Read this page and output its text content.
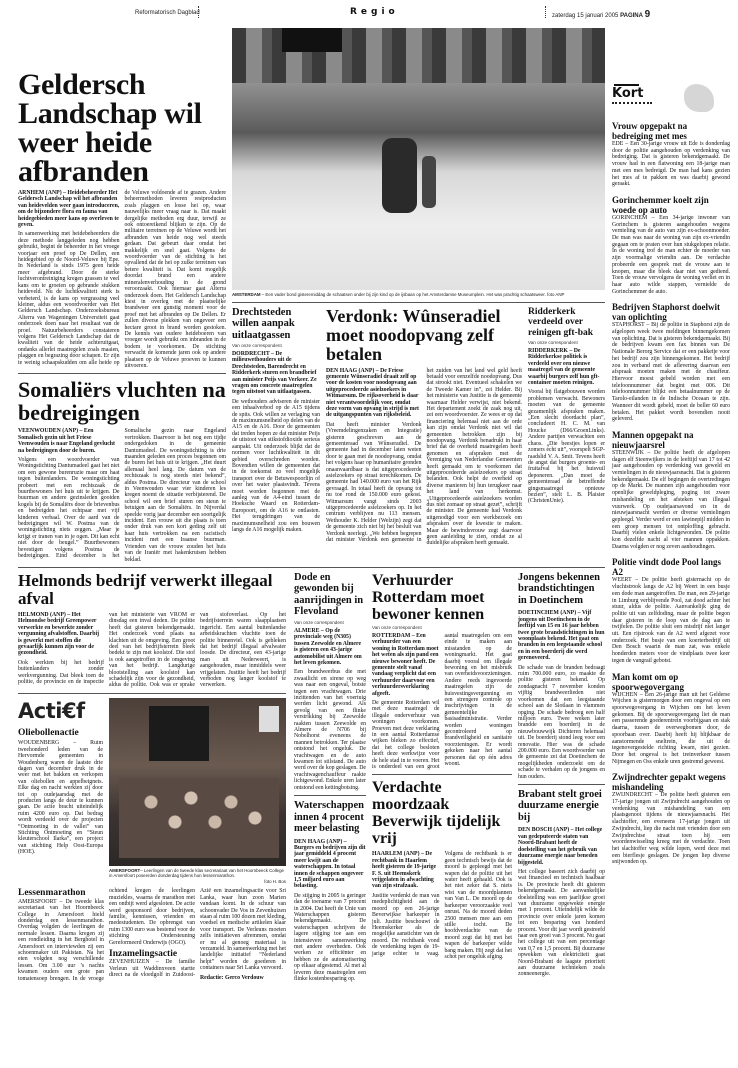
Reformatorisch Dagblad	Regio	zaterdag 15 januari 2005 PAGINA 9
Geldersch Landschap wil weer heide afbranden
ARNHEM (ANP) – Heidebeheerder Het Geldersch Landschap wil het afbranden van heidevelden weer gaan introduceren, om de bijzondere flora en fauna van heidegebieden meer kans op overleven te geven.
In samenwerking met heidebeheerders die deze methode langgeleden nog hebben gebruikt, begint de beheerder in het vroege voorjaar een proef op De Dellen, een heidegebied op de Noord-Veluwe bij Epe. In Nederland is sinds 1975 geen heide meer afgebrand. Door de sterke luchtverontreiniging kregen grassen te veel kans om te groeien op gebrande stukken heideveld. Nu de luchtkwaliteit sterk is verbeterd, is de kans op vergrassing veel kleiner, aldus een woordvoerder van Het Geldersch Landschap. Onderzoeksbureau Alterra van Wageningen Universiteit gaat onderzoek doen naar het resultaat van de proef. Natuurbeheerders constateren volgens Het Geldersch Landschap dat de kwaliteit van de heide achteruitgaat, ondanks allerlei maatregelen zoals maaien, plaggen en begrazing door schapen. Er zijn te weinig schaapskudden om alle heide op de Veluwe voldoende af te grazen. Andere beheermethoden leveren restproducten zoals plaggen en losse hei op, waar nauwelijks meer vraag naar is. Dat maakt dergelijke methoden erg duur, terwijl ze ook ontoereikend blijken te zijn. Op de militaire terreinen op de Veluwe wordt het afbranden van heide nog wel steeds gedaan. Dat gebeurt daar omdat het makkelijk en snel gaat. Volgens de woordvoerder van de stichting is het opvallend dat de hei op zulke terreinen van betere kwaliteit is. Dat komt mogelijk doordat brand een andere mineralenverhouding in de grond veroorzaakt. Ook hiernaar gaat Alterra onderzoek doen. Het Geldersch Landschap kiest in overleg met de plaatselijke brandweer een gunstig moment voor de proef met het afbranden op De Dellen. Er zullen diverse plekken van ongeveer een hectare groot in brand worden gestoken. De kennis van oudere heideboeren van vroeger wordt gebruikt om inbranden in de bodem te voorkomen. De stichting verwacht de komende jaren ook op andere plaatsen op de Veluwe proeven te kunnen uitvoeren.
Somaliërs vluchten na bedreigingen
VEENWOUDEN (ANP) – Een Somalisch gezin uit het Friese Veenwouden is naar Engeland gevlucht na bedreigingen door de buren.
Volgens een woordvoerder van Woningstichting Dantumadeel gaat het niet om een gewone burenruzie maar om haat tegen buitenlanders. De woningstichting probeert met een rechtszaak de buurtbewoners het huis uit te krijgen. De buurman en andere gezinsleden gooiden kogels bij de Somaliërs door de brievenbus en bedreigden het echtpaar met vijf kinderen verbaal. Over de aard van de bedreigingen wil W. Postma van de woningstichting niets zeggen. „Maar je krijgt er tranen van in je ogen. Dit kan echt niet door de beugel.” Buurtbewoners bevestigen volgens Postma de bedreigingen. Eind december is het Somalische gezin naar Engeland vertrokken. Daarvoor is het nog een tijdje ondergedoken in de gemeente Dantumadeel. De woningstichting is drie maanden geleden een proces begonnen om de buren het huis uit te krijgen. „Het duurt allemaal heel lang. De datum van de rechtszaak is nog steeds niet bekend”, aldus Postma. De directeur van de school in Veenwouden waar vier kinderen les kregen noemt de situatie verbijsterend. De school wil een brief sturen om steun te betuigen aan de Somaliërs. In Nijverdal speelde vorig jaar december een soortgelijk incident. Een vrouw uit die plaats is toen onder druk van een kort geding zelf uit haar huis vertrokken na een racistisch incident met een Iraanse buurman. Vrienden van de vrouw zouden het huis van de Iraniër met hakenkruisen hebben beklad.
AMSTERDAM – Een vader bond gisteremiddag de schaatsen onder bij zijn kind op de ijsbaan op het Amsterdamse Museumplein. Het was prachtig schaatsweer. foto ANP
Drechtsteden willen aanpak uitlaatgassen
Van onze correspondent
DORDRECHT – De milieuwethouders uit de Drechtsteden, Barendrecht en Ridderkerk sturen een brandbrief aan minister Peijs van Verkeer. Ze vragen om concrete maatregelen tegen uitstoot van uitlaatgassen.
De wethouders adviseren de minister een inhaalverbod op de A15 tijdens de spits. Ook willen ze verlaging van de maximumsnelheid op delen van de A15 en de A16. Door de gemeenten dat treden hopen ze dat minister Peijs de uitstoot van stikstofdioxide serieus aanpakt. Uit onderzoek blijkt dat de normen voor luchtkwaliteit in dit gebied overschreden worden. Bovendien willen de gemeenten dat in de toekomst zo veel mogelijk transport over de Betuwespoorlijn of over het water plaatsvindt. Tevens moet worden begonnen met de aanleg van de A4-eind tussen de Hoeksche Waard en Rotterdam-Europoort, om de A16 te ontlasten. Het terugdringen van de maximumsnelheid zou een bouwen langs de A16 mogelijk maken.
Verdonk: Wûnseradiel moet noodopvang zelf betalen
DEN HAAG (ANP) – De Friese gemeente Wûnseradiel draait zelf op voor de kosten voor noodopvang aan uitgeprocedeerde asielzoekers in Witmarsum. De rijksoverheid is daar niet verantwoordelijk voor, omdat deze vorm van opvang in strijd is met de uitgangspunten van rijksbeleid.
Dat heeft minister Verdonk (Vreemdelingenzaken en Integratie) gisteren geschreven aan de gemeenteraad van Wûnseradiel. De gemeente had in december laten weten door te gaan met de noodopvang, omdat het volgens haar op humanitaire gronden onaanvaardbaar is dat uitgeprocedeerde asielzoekers op straat terechtkomen. De gemeente had 140.000 euro van het Rijk gevraagd. In totaal heeft de opvang tot nu toe rond de 150.000 euro gekost. Witmarsum vangt sinds 2003 uitgeprocedeerde asielzoekers op. In het centrum verblijven nu 113 mensen. Wethouder K. Helder (Welzijn) zegt dat de gemeente zich niet bij het besluit van Verdonk neerlegt. „We hebben begrepen dat minister Verdonk een gemeente in het zuiden van het land wel geld heeft betaald voor eenzelfde noodopvang. Dus dat strookt niet. Eventueel schakelen we de Tweede Kamer in”, zei Helder. Bij het ministerie van Justitie is de gemeente waarnaar Helder verwijst, niet bekend. Het departement zoekt de zaak nog uit, zei een woordvoerster. Ze wees er op dat financiering helemaal niet aan de orde kan zijn omdat Verdonk niet wil dat gemeenten betrokken zijn bij noodopvang. Verdonk benadrukt in haar brief dat de overheid maatregelen heeft genomen en afspraken met de Vereniging van Nederlandse Gemeenten heeft gemaakt om te voorkomen dat uitgeprocedeerde asielzoekers op straat belanden. Ook helpt de overheid op diverse manieren bij hun terugkeer naar het land van herkomst. „Uitgeprocedeerde asielzoekers worden dus niet zomaar op straat gezet”, schrijft de minister. De gemeente had Verdonk uitgenodigd voor een werkbezoek om afspraken over de kwestie te maken. Maar de bewindsvrouw zegt daarvoor geen aanleiding te zien, omdat ze al duidelijke afspraken heeft gemaakt.
Ridderkerk verdeeld over reinigen gft-bak
Van onze correspondent
RIDDERKERK – De Ridderkerkse politiek is verdeeld over een nieuwe maatregel van de gemeente waarbij burgers zelf hun gft-container moeten reinigen.
Vooral bij flatgebouwen worden problemen verwacht. Bewoners moeten van de gemeente gezamenlijk afspraken maken. „Een slecht doordacht plan”, concludeert H. C. M. van Houcke (D66/GroenLinks). Andere partijen verwachten een chaos. „Die beestjes lopen er zomers écht uit”, voorspelt SGP-raadslid V. A. Smit. Tevens heeft de angst dat burgers groente- en fruitafval bij het huisvuil deponeren. „Dan moet de gemeenteraad de betreffende gingsmaatregel opnieuw bezien”, stelt L. B. Plaisier (ChristenUnie).
Helmonds bedrijf verwerkt illegaal afval
HELMOND (ANP) – Het Helmondse bedrijf Greenpower verwerkte en bewerkte zonder vergunning afvalstoffen. Daarbij is gewerkt met stoffen die gevaarlijk kunnen zijn voor de gezondheid.
Ook werkten bij het bedrijf buitenlanders zonder werkvergunning. Dat bleek toen de politie, de provincie en de inspectie van het ministerie van VROM er dinsdag een inval deden. De politie heeft dat gisteren bekendgemaakt. Het onderzoek vond plaats na klachten uit de omgeving. Een groot deel van het bedrijfsterrein bleek bedekt te zijn met koolstof. Die stof is ook aangetroffen in de omgeving van het bedrijf. Langdurige blootstelling aan koolstof kan schadelijk zijn voor de gezondheid, aldus de politie. Ook was er sprake van stofoverlast. Op het bedrijfsterrein waren slaapplaatsen ingericht. Een aantal buitenlandse arbeidskrachten vluchtte toen de politie binnenviel. Ook is gebleken dat het bedrijf illegaal afvalwater loosde. De directeur, een 43-jarige man uit Nederweert, is aangehouden, maar inmiddels weer vrijgelaten. Justitie heeft het bedrijf verboden nog langer koolstof te verwerken.
Acti€f
Oliebollenactie
WOUDENBERG – Ruim tweehonderd leden van de Hervormde gemeenten in Woudenberg waren de laatste drie dagen van december druk in de weer met het bakken en verkopen van oliebollen en appelbeignets. Elke dag en nacht werkten zij door tot op oudejaarsdag met de producten langs de deur te kunnen gaan. De actie bracht uiteindelijk ruim 4200 euro op. Dat bedrag wordt verdeeld over de projecten “Ontmoeting in de vallei” van Stichting Ontmoeting en “Steun kleuterschool Ilarka”, een project van stichting Help Oost-Europa (HOE).
AMERSFOORT– Leerlingen van de tweede klas secretariaat van het Hoornbeeck College in Amersfoort poseerden donderdag tijdens hun lessenmarathon.
foto H. Bos
Lessenmarathon
AMERSFOORT – De tweede klas secretariaat van het Hoornbeeck College in Amersfoort hield donderdag een lessenmarathon. Overdag volgden de leerlingen de normale lessen. Daarna kregen zij een rondleiding in het Berghotel in Amersfoort en interviewden zij een schoenmaker uit Pakistan. Na het eten volgden nog verschillende lessen. Om 3.00 uur ’s nachts kwamen ouders een grote pan tomatensoep brengen. In de vroege ochtend kregen de leerlingen muziekles, waarna de marathon met een ontbijt werd afgesloten. De actie werd gesponsord door bedrijven, familie, kennissen, vrienden en medestudenten. De opbrengst van ruim 1300 euro was bestemd voor de stichting Ondersteuning Gereformeerd Onderwijs (OGO).
Inzamelingsactie
ZEVENHUIZEN – De familie Verleun uit Waddinxveen startte direct na de vloedgolf in Zuidoost-Azië een inzamelingsactie voor Sri Lanka, waar hun zoon Marien vandaan komt. In de schuur van schoonvader De Vos in Zevenhuizen staan al ruim 100 dozen met kleding, voedsel en medische artikelen klaar voor transport. De Verleuns moeten zelfs initiatieven afremmen, omdat er nu al genoeg materiaal is verzameld. In samenwerking met het landelijke initiatief “Nederland helpt” worden de goederen in containers naar Sri Lanka vervoerd.
Redactie: Gerco Verdouw
Dode en gewonden bij aanrijdingen in Flevoland
Van onze correspondent
ALMERE – Op de provinciale weg (N305) tussen Zeewolde en Almere is gisteren een 43-jarige automobilist uit Almere om het leven gekomen.
Een brandweerbus die met zwaailicht en sirene op weg was naar een ongeval, botste tegen een vrachtwagen. Drie inzittenden van het voertuig werden licht gewond. Als gevolg van een flinke verstrikking bij Zeewolde raakten tussen Zeewolde en Almere de N706 bij Nobelhorst eveneens de mannen betrokken. Ter plaatse ontstond het ongeluk. De vrachtwagen en de auto kwamen tot stilstand. De auto werd over de kop geslagen. De vrachtwagenchauffeur raakte lichtgewond. Enkele uren later ontstond een kettingbotsing.
Waterschappen innen 4 procent meer belasting
DEN HAAG (ANP) – Burgers en bedrijven zijn dit jaar gemiddeld 4 procent meer kwijt aan de waterschappen. In totaal innen de schappen ongeveer 1,5 miljard euro aan belasting.
De stijging in 2005 is geringer dan de toename van 7 procent in 2004. Dat heeft de Unie van Waterschappen gisteren bekendgemaakt. De waterschappen schrijven de lagere stijging toe aan een intensievere samenwerking met andere overheden. Ook werken ze efficiënter en hebben ze de automatisering op elkaar afgestemd. Al met al leveren deze maatregelen een flinke kostenbesparing op.
Verhuurder Rotterdam moet bewoner kennen
Van onze correspondent
ROTTERDAM – Een verhuurder van een woning in Rotterdam moet het weten als zijn pand een nieuwe bewoner heeft. De gemeente stelt vanaf vandaag verplicht dat een verhuurder daarvoor een verhuurdersverklaring afgeeft.
De gemeente Rotterdam wil met deze maatregel de illegale onderverhuur van woningen voorkomen. Proeven met deze verklaring in een aantal Rotterdamse wijken bleken zo effectief, dat het college besloten heeft deze werkwijze voor de hele stad in te voeren. Het is onderdeel van een groot aantal maatregelen om een einde te maken aan misstanden op de woningmarkt. Het gaat daarbij vooral om illegale bewoning en het misbruik van overheidsvoorzieningen. Andere reeds ingevoerde maatregelen zijn de huisvestingsvergunning en een strengere controle op inschrijvingen in de gemeentelijke basisadministratie. Verder worden woningen gecontroleerd op brandveiligheid en sanitaire voorzieningen. Er wordt gekeken naar het aantal personen dat op één adres woont.
Verdachte moordzaak Beverwijk tijdelijk vrij
HAARLEM (ANP) – De rechtbank in Haarlem heeft gisteren de 19-jarige F. S. uit Heemskerk vrijgelaten in afwachting van zijn strafzaak.
Justitie verdenkt de man van medeplichtigheid aan de moord op een 26-jarige Beverwijkse barkeeper in juli. Justitie beschouwt de Heemskerker als de mogelijke aanstichter van de moord. De rechtbank vond de verdenking tegen de 19-jarige echter te vaag. Volgens de rechtbank is er geen technisch bewijs dat de moord is gepleegd met het wapen dat de politie uit het water heeft gehaald. Ook is het niet zeker dat S. niets wist van de moordplannen van Van L. De moord op de barkeeper veroorzaakte veel onrust. Na de moord deden 2500 mensen mee aan een stille tocht. De hoofdverdachte van de moord zegt dat hij met het wapen de barkeeper wilde bang maken. Hij zegt dat het schot per ongeluk afging.
Jongens bekennen brandstichtingen in Doetinchem
DOETINCHEM (ANP) – Vijf jongens uit Doetinchem in de leeftijd van 15 en 16 jaar hebben twee grote brandstichtingen in hun woonplaats bekend. Het gaat om branden in een leegstaande school en in een boerderij die werd gerenoveerd.
De schade van de branden bedraagt ruim 700.000 euro, zo maakte de politie gisteren bekend. Op zondagnacht 7 november konden vijftig brandweerlieden niet voorkomen dat een leegstaande school aan de Slotlaan in vlammen opging. De schade bedroeg een half miljoen euro. Twee weken later brandde een boerderij in de nieuwbouwwijk Dichteren helemaal uit. De boerderij stond leeg voor een renovatie. Hier was de schade 200.000 euro. Een woordvoerder van de gemeente zei dat Doetinchem de mogelijkheden onderzoekt om de schade te verhalen op de jongens en hun ouders.
Brabant stelt groei duurzame energie bij
DEN BOSCH (ANP) – Het college van gedeputeerde staten van Noord-Brabant heeft de doelstelling van het gebruik van duurzame energie naar beneden bijgesteld.
Het college baseert zich daarbij op wat financieel en technisch haalbaar is. De provincie heeft dit gisteren bekendgemaakt. De aanvankelijke doelstelling was een jaarlijkse groei van duurzame opgewekte energie met 1 procent. Uiteindelijk wilde de provincie over enkele jaren komen tot een besparing van honderd procent. Voor dit jaar wordt gestreefd naar een groei van 3 procent. Nu gaat het college uit van een percentage van 0,7 en 1,5 procent. Bij duurzame opwekken van elektriciteit gaat Noord-Brabant de laagste prioriteit aan duurzame technieken zoals zonneenergie.
Kort
Vrouw opgepakt na bedreiging met mes
EDE – Een 30-jarige vrouw uit Ede is donderdag door de politie aangehouden op verdenking van bedreiging. Dat is gisteren bekendgemaakt. De vrouw had in een flatwoning een 18-jarige man met een mes bedreigd. De man had kans gezien het mes af te pakken en was daarbij gewond geraakt.
Gorinchemmer koelt zijn woede op auto
GORINCHEM – Een 34-jarige inwoner van Gorinchem is gisteren aangehouden wegens vernieling van de auto van zijn ex-schoonmoeder. De man was naar de woning van zijn ex-vriendin gegaan om te praten over hun stukgelopen relatie. In de woning trof de man echter de moeder van zijn voormalige vriendin aan. De verdachte probeerde een gesprek met de vrouw aan te knopen, maar die bleek daar niet van gediend. Toen de vrouw vervolgens de woning verliet en in haar auto wilde stappen, vernielde de Gorinchemmer de auto.
Bedrijven Staphorst doelwit van oplichting
STAPHORST – Bij de politie in Staphorst zijn de afgelopen week twee meldingen binnengekomen van oplichting. Dat is gisteren bekendgemaakt. Bij de bedrijven kwam een fax binnen van De Nationale Berorg Service dat er een pakketje voor het bedrijf zou zijn binnengekomen. Het bedrijf zou in verband met de aflevering daarvan een afspraak moeten maken met de chauffeur. Hiervoor moest gebeld worden met een telefoonnummer dat begint met 006. Dit telefoonnummer blijkt een betaalnummer op de Tarolo-eilanden in de Indische Oceaan te zijn. Wanneer dit wordt gebeld, moet de beller 60 euro betalen. Het pakket wordt bovendien nooit geleverd.
Mannen opgepakt na nieuwjaarsrel
STEENWIJK – De politie heeft de afgelopen dagen elf Steenwijkers in de leeftijd van 17 tot 42 jaar aangehouden op verdenking van geweld en vernielingen in de nieuwjaarsnacht. Dat is gisteren bekendgemaakt. De elf begingen de overtredingen op de Markt. De mannen zijn aangehouden voor openlijke geweldpleging, poging tot zware mishandeling en het afsteken van illegaal vuurwerk. Op oudejaarsavond en in de nieuwjaarsnacht werden er diverse vernielingen gepleegd. Verder werd er een lawinepijl midden in een groep mensen tot ontploffing gebracht. Daarbij vielen enkele lichtgewonden. De politie kon dezelfde nacht al vier mannen oppakken. Daarna volgden er nog zeven aanhoudingen.
Politie vindt dode Pool langs A2
WEERT – De politie heeft gisternacht op de vluchtstrook langs de A2 bij Weert in een busje een dode man aangetroffen. De man, een 29-jarige in Limburg verblijvende Pool, zat dood achter het stuur, aldus de politie. Aanvankelijk ging de politie uit van zelfdoding, maar de politie begon daar gisteren in de loop van de dag aan te twijfelen. De politie sluit een misdrijf niet langer uit. Een rijstrook van de A2 werd afgezet voor onderzoek. Het busje van een koerierbedrijf uit Den Bosch waarin de man zat, was enkele honderden meters voor de vindplaats twee keer tegen de vangrail gebotst.
Man komt om op spoorwegovergang
WIJCHEN – Een 26-jarige man uit het Gelderse Wijchen is gistermorgen door een ongeval op een spoorwegovergang in Wijchen om het leven gekomen. Bij de spoorwegovergang liet de man een passerende goederentrein voorbijgaan en stak daarna, tussen de overwegbomen door, de spoorbaan over. Daarbij heeft hij blijkbaar de aanstormende sneltrein, die uit de tegenovergestelde richting kwam, niet gezien. Door het ongeval is het treinverkeer tussen Nijmegen en Oss enkele uren gestremd geweest.
Zwijndrechter gepakt wegens mishandeling
ZWIJNDRECHT – De politie heeft gisteren een 17-jarige jongen uit Zwijndrecht aangehouden op verdenking van mishandeling van een plaatsgenoot tijdens de nieuwjaarsnacht. Het slachtoffer, een eveneens 17-jarige jongen uit Zwijndrecht, liep die nacht met vrienden door een Zwijndrechtse straat toen hij een woordenwisseling kreeg met de verdachte. Toen het slachtoffer weg wilde lopen, werd deze met een bierflesje geslagen. De jongen liep diverse snijwonden op.
